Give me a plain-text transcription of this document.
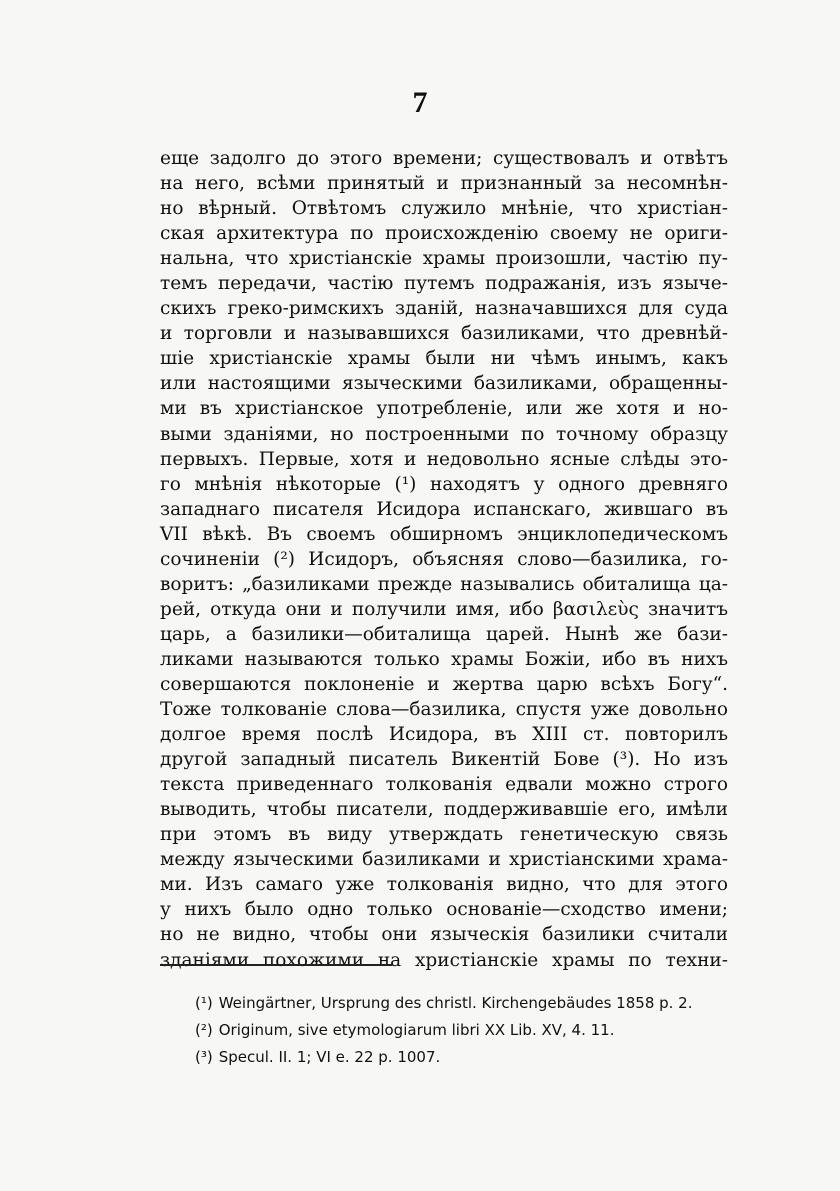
7
еще задолго до этого времени; существовалъ и отвѣтъ
на него, всѣми принятый и признанный за несомнѣн-
но вѣрный. Отвѣтомъ служило мнѣніе, что христіан-
ская архитектура по происхожденію своему не ориги-
нальна, что христіанскіе храмы произошли, частію пу-
темъ передачи, частію путемъ подражанія, изъ языче-
скихъ греко-римскихъ зданій, назначавшихся для суда
и торговли и называвшихся базиликами, что древнѣй-
шіе христіанскіе храмы были ни чѣмъ инымъ, какъ
или настоящими языческими базиликами, обращенны-
ми въ христіанское употребленіе, или же хотя и но-
выми зданіями, но построенными по точному образцу
первыхъ. Первые, хотя и недовольно ясные слѣды это-
го мнѣнія нѣкоторые (¹) находятъ у одного древняго
западнаго писателя Исидора испанскаго, жившаго въ
VII вѣкѣ. Въ своемъ обширномъ энциклопедическомъ
сочиненіи (²) Исидоръ, объясняя слово—базилика, го-
воритъ: „базиликами прежде назывались обиталища ца-
рей, откуда они и получили имя, ибо βασιλεὺς значитъ
царь, а базилики—обиталища царей. Нынѣ же бази-
ликами называются только храмы Божіи, ибо въ нихъ
совершаются поклоненіе и жертва царю всѣхъ Богу“.
Тоже толкованіе слова—базилика, спустя уже довольно
долгое время послѣ Исидора, въ XIII ст. повторилъ
другой западный писатель Викентій Бове (³). Но изъ
текста приведеннаго толкованія едвали можно строго
выводить, чтобы писатели, поддерживавшіе его, имѣли
при этомъ въ виду утверждать генетическую связь
между языческими базиликами и христіанскими храма-
ми. Изъ самаго уже толкованія видно, что для этого
у нихъ было одно только основаніе—сходство имени;
но не видно, чтобы они языческія базилики считали
зданіями похожими на христіанскіе храмы по техни-
(¹) Weingärtner, Ursprung des christl. Kirchengebäudes 1858 p. 2.
(²) Originum, sive etymologiarum libri XX Lib. XV, 4. 11.
(³) Specul. II. 1; VI e. 22 p. 1007.
